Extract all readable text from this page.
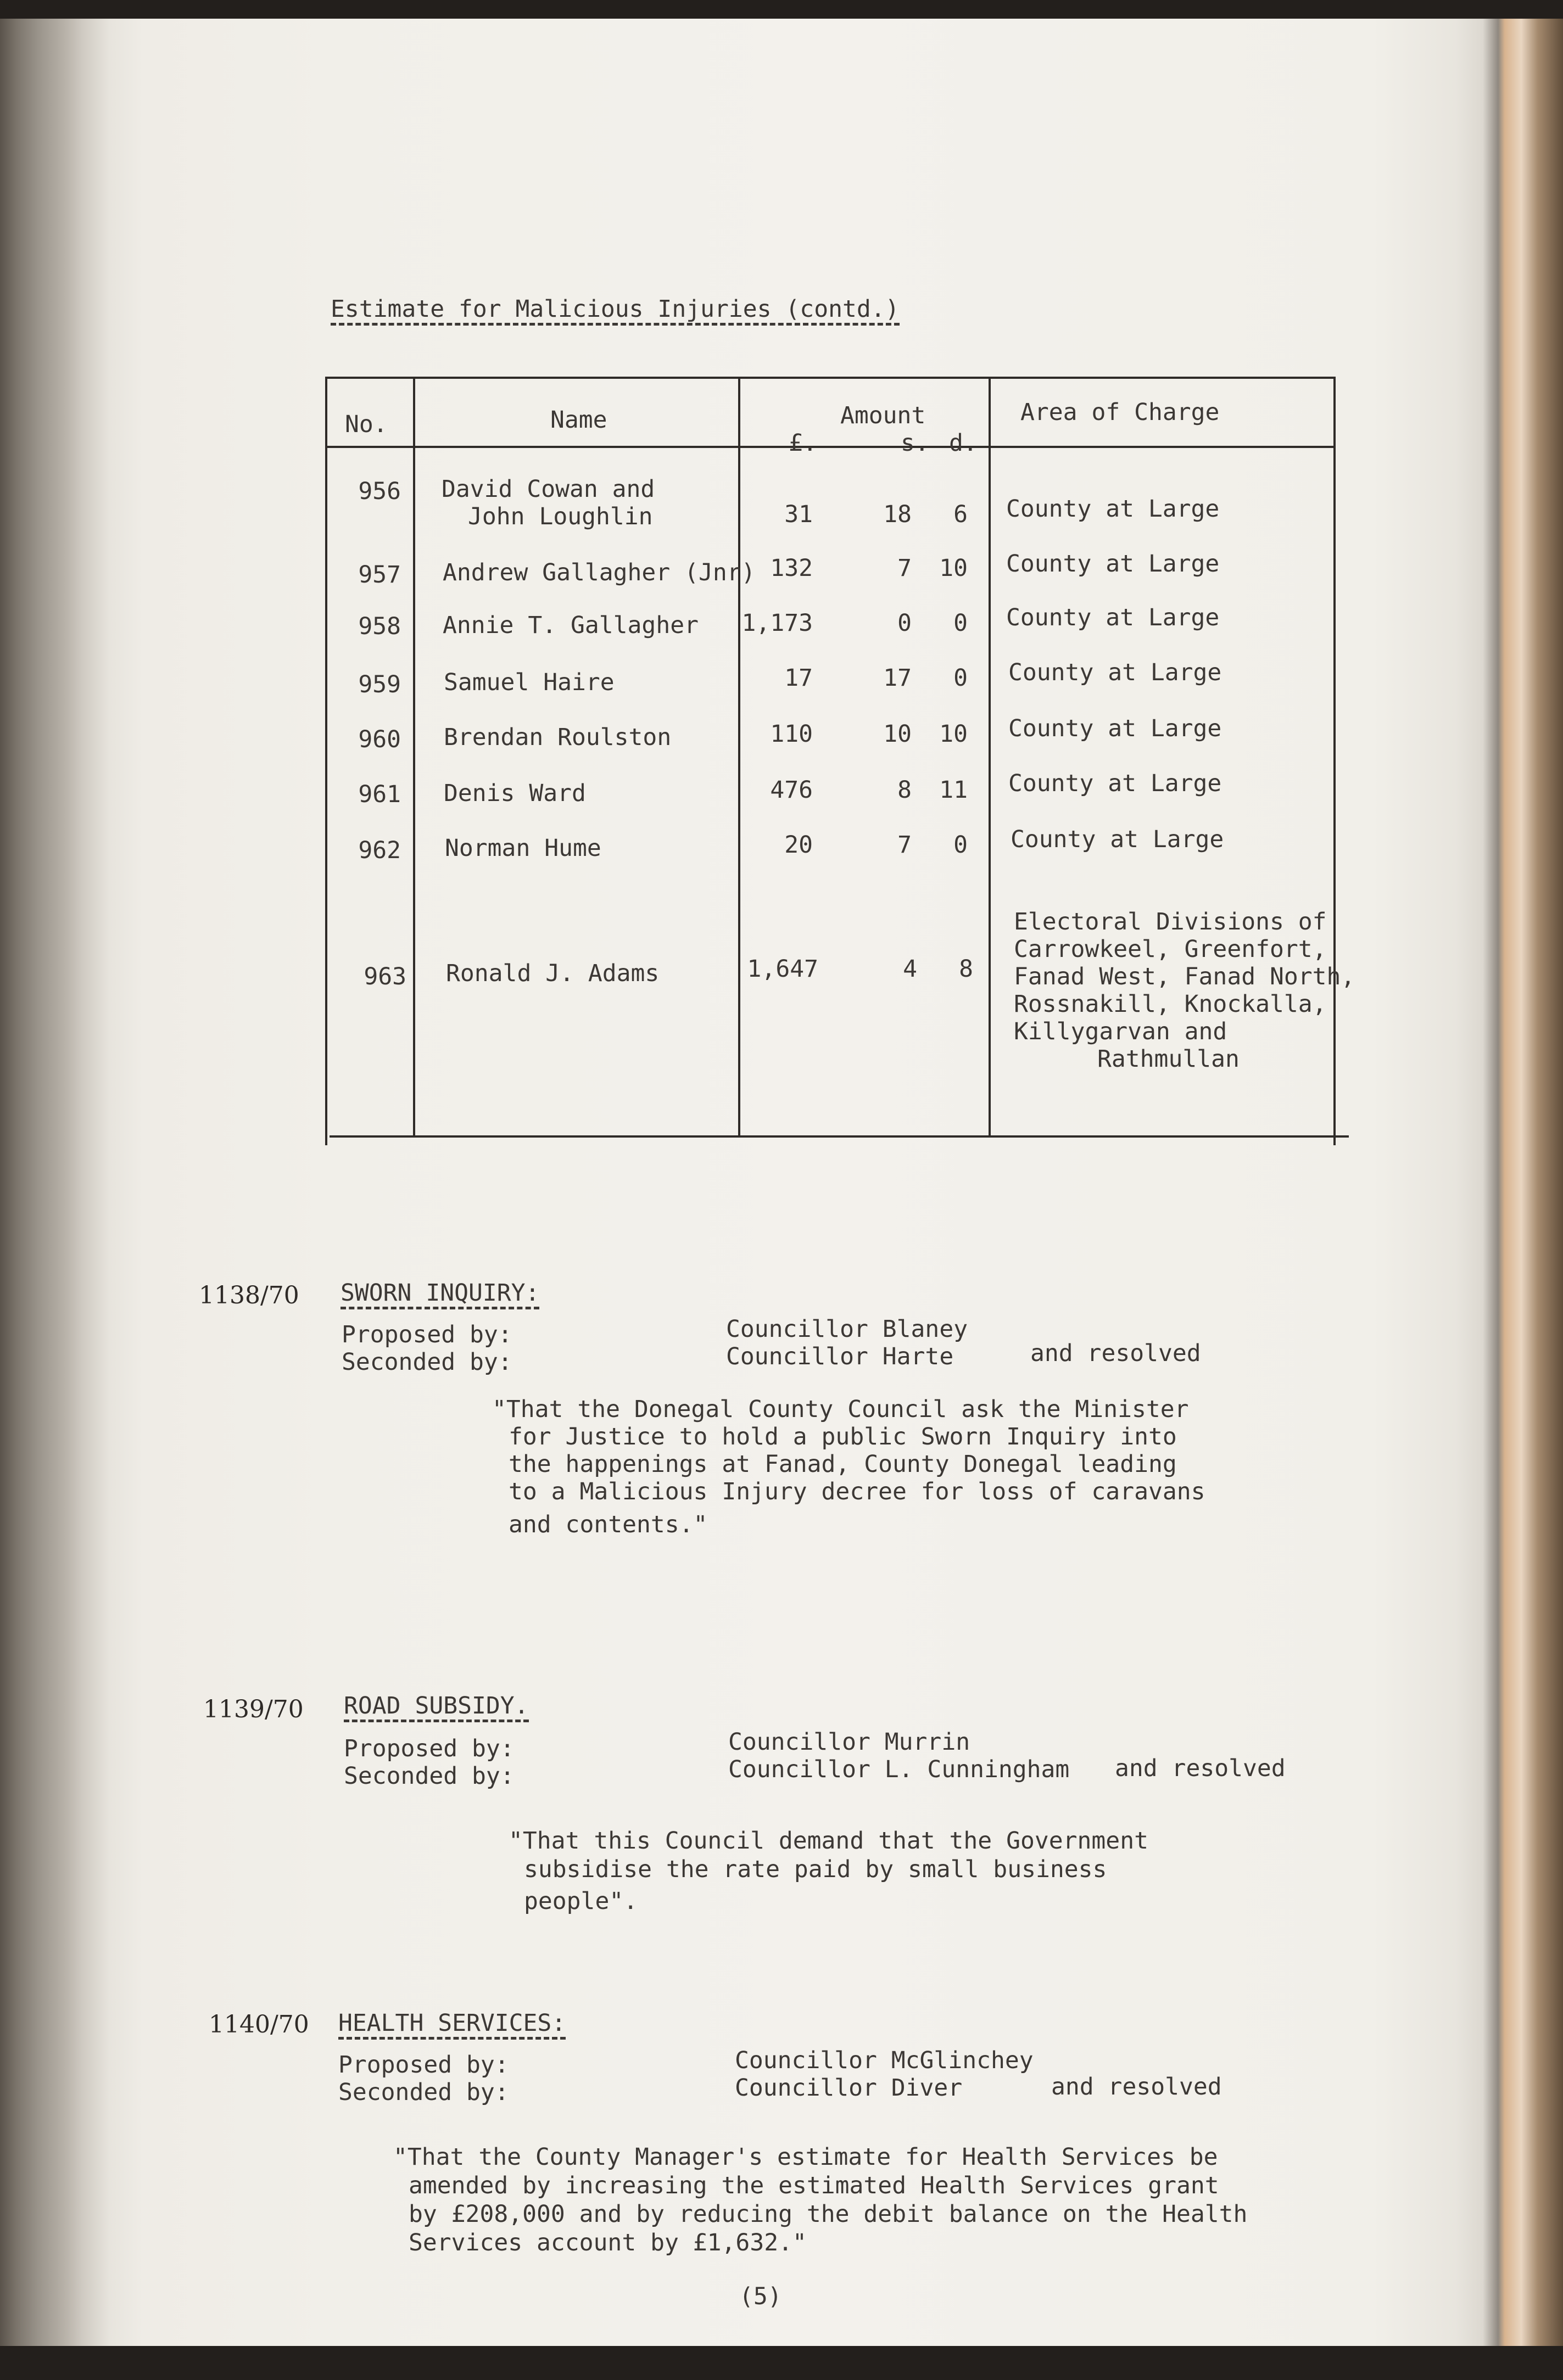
Estimate for Malicious Injuries (contd.)
No.	Name	Amount
£.	s. d.
Area of Charge
956 David Cowan and
John Loughlin	31	18	6 County at Large
957 Andrew Gallagher (Jnr) 132	7	10 County at Large
958 Annie T. Gallagher 1,173	0	0 County at Large
959 Samuel Haire	17	17	0 County at Large
960 Brendan Roulston	110	10	10 County at Large
961 Denis Ward	476	8	11 County at Large
962 Norman Hume	20	7	0 County at Large
963 Ronald J. Adams	1,647	4	8
Electoral Divisions of
Carrowkeel, Greenfort,
Fanad West, Fanad North,
Rossnakill, Knockalla,
Killygarvan and
Rathmullan
1138/70 SWORN INQUIRY:
Proposed by:
Seconded by:
Councillor Blaney
Councillor Harte	and resolved
"That the Donegal County Council ask the Minister
for Justice to hold a public Sworn Inquiry into
the happenings at Fanad, County Donegal leading
to a Malicious Injury decree for loss of caravans
and contents."
1139/70 ROAD SUBSIDY.
Proposed by:
Seconded by:
Councillor Murrin
Councillor L. Cunningham and resolved
"That this Council demand that the Government
subsidise the rate paid by small business
people".
1140/70 HEALTH SERVICES:
Proposed by:
Seconded by:
Councillor McGlinchey
Councillor Diver	and resolved
"That the County Manager's estimate for Health Services be
amended by increasing the estimated Health Services grant
by £208,000 and by reducing the debit balance on the Health
Services account by £1,632."
(5)
